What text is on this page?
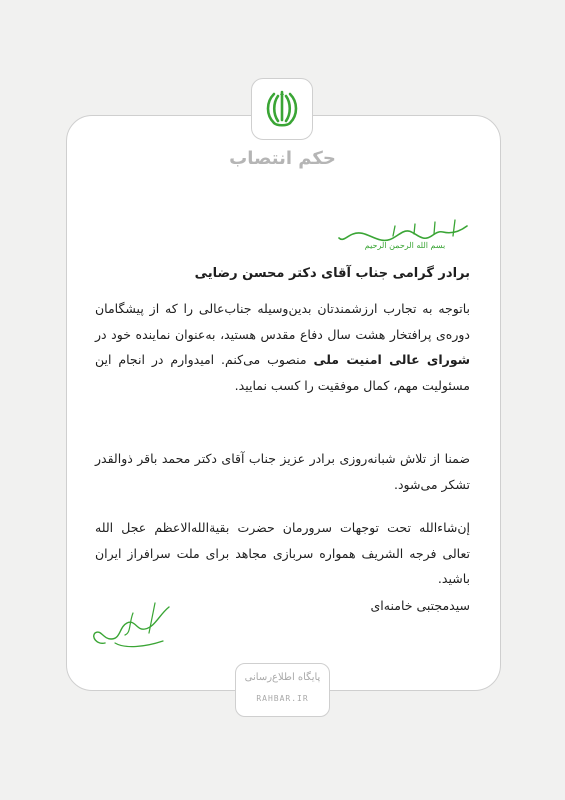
حکم انتصاب
بسم الله الرحمن الرحیم
برادر گرامی جناب آقای دکتر محسن رضایی
باتوجه به تجارب ارزشمندتان بدین‌وسیله جناب‌عالی را که از پیشگامان دوره‌ی پرافتخار هشت سال دفاع مقدس هستید، به‌عنوان نماینده خود در شورای عالی امنیت ملی منصوب می‌کنم. امیدوارم در انجام این مسئولیت مهم، کمال موفقیت را کسب نمایید.
ضمنا از تلاش شبانه‌روزی برادر عزیز جناب آقای دکتر محمد باقر ذوالقدر تشکر می‌شود.
إن‌شاءالله تحت توجهات سرورمان حضرت بقیة‌الله‌الاعظم عجل الله تعالی فرجه الشریف همواره سربازی مجاهد برای ملت سرافراز ایران باشید.
سیدمجتبی خامنه‌ای
پایگاه اطلاع‌رسانی
RAHBAR.IR
